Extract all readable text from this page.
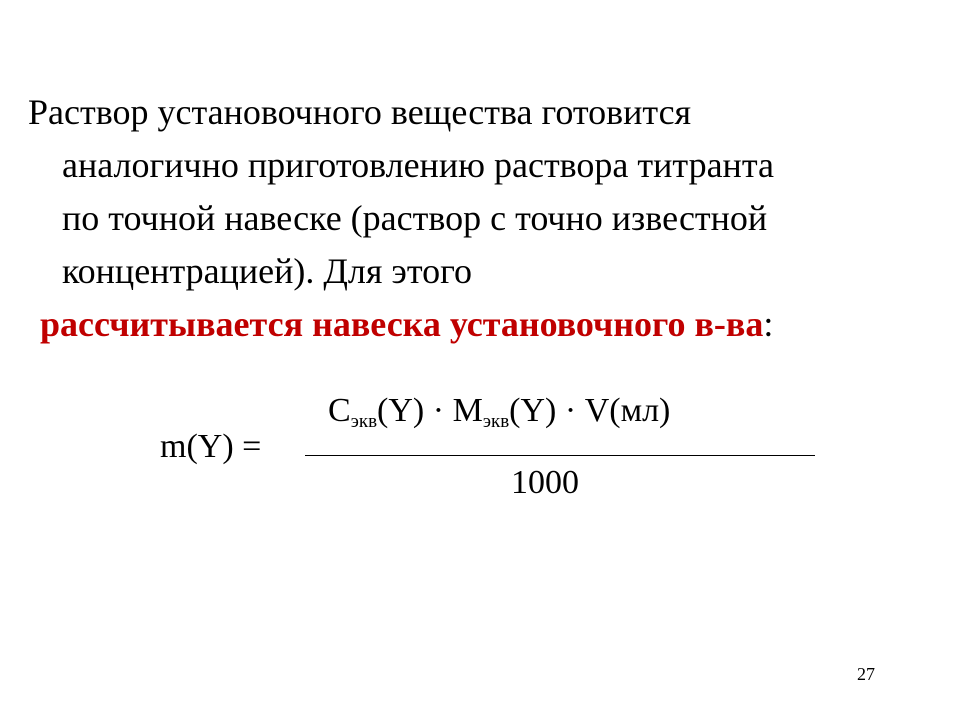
Раствор установочного вещества готовится
аналогично приготовлению раствора титранта
по точной навеске (раствор с точно известной
концентрацией). Для этого
рассчитывается навеска установочного в-ва:
m(Y) =
$C_{экв}(Y) \cdot M_{экв}(Y) \cdot V(мл)$
1000
27
